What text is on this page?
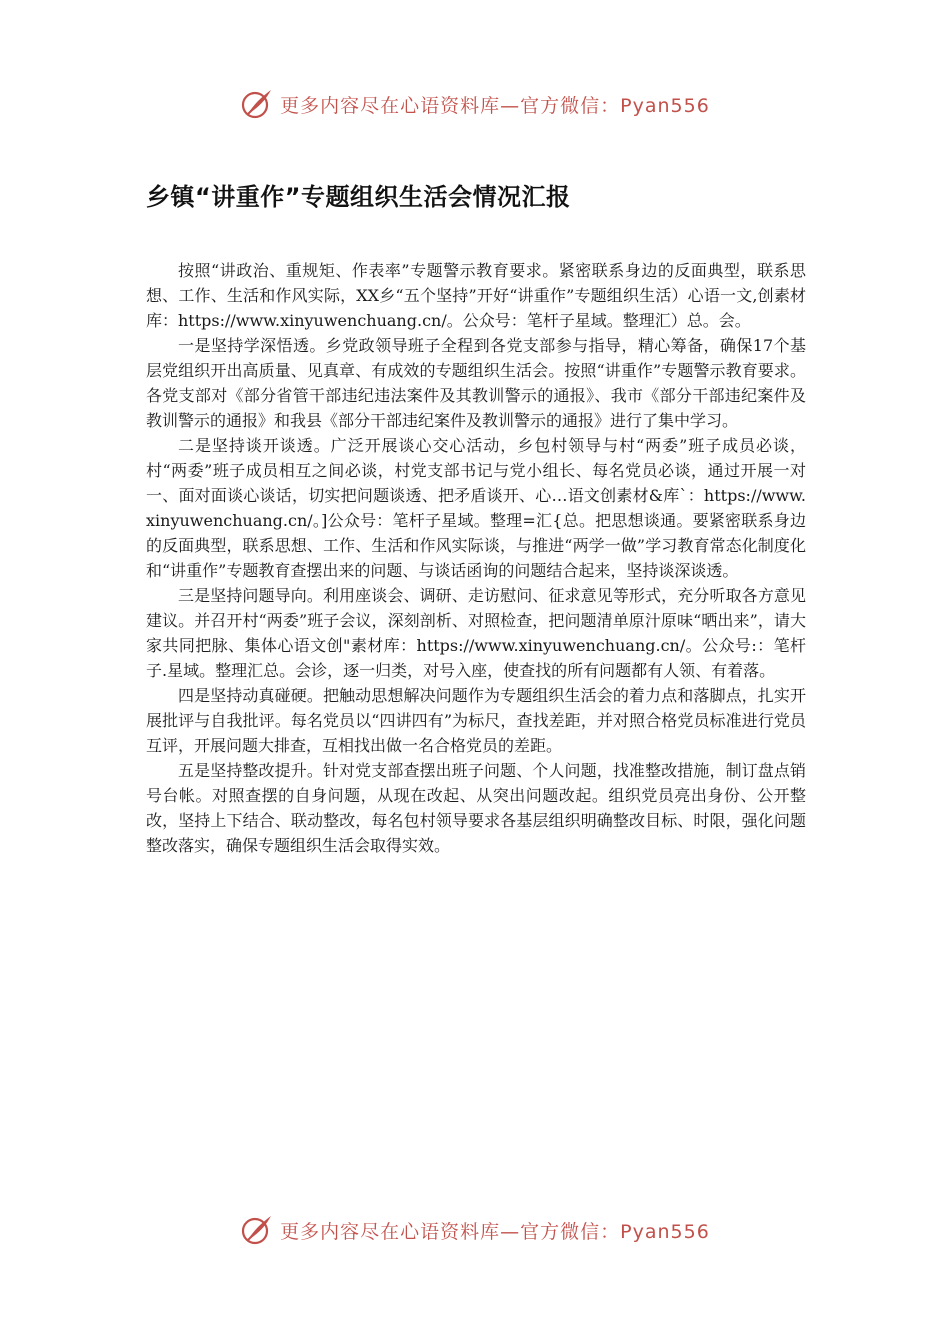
更多内容尽在心语资料库—官方微信：Pyan556
乡镇“讲重作”专题组织生活会情况汇报

按照“讲政治、重规矩、作表率”专题警示教育要求。紧密联系身边的反面典型，联系思想、工作、生活和作风实际，XX乡“五个坚持”开好“讲重作”专题组织生活）心语一文,创素材库：https://www.xinyuwenchuang.cn/。公众号：笔杆子星域。整理汇）总。会。

一是坚持学深悟透。乡党政领导班子全程到各党支部参与指导，精心筹备，确保17个基层党组织开出高质量、见真章、有成效的专题组织生活会。按照“讲重作”专题警示教育要求。各党支部对《部分省管干部违纪违法案件及其教训警示的通报》、我市《部分干部违纪案件及教训警示的通报》和我县《部分干部违纪案件及教训警示的通报》进行了集中学习。

二是坚持谈开谈透。广泛开展谈心交心活动，乡包村领导与村“两委”班子成员必谈，村“两委”班子成员相互之间必谈，村党支部书记与党小组长、每名党员必谈，通过开展一对一、面对面谈心谈话，切实把问题谈透、把矛盾谈开、心…语文创素材&库`：https://www.xinyuwenchuang.cn/。]公众号：笔杆子星域。整理=汇{总。把思想谈通。要紧密联系身边的反面典型，联系思想、工作、生活和作风实际谈，与推进“两学一做”学习教育常态化制度化和“讲重作”专题教育查摆出来的问题、与谈话函询的问题结合起来，坚持谈深谈透。

三是坚持问题导向。利用座谈会、调研、走访慰问、征求意见等形式，充分听取各方意见建议。并召开村“两委”班子会议，深刻剖析、对照检查，把问题清单原汁原味“晒出来”，请大家共同把脉、集体心语文创"素材库：https://www.xinyuwenchuang.cn/。公众号:：笔杆子.星域。整理汇总。会诊，逐一归类，对号入座，使查找的所有问题都有人领、有着落。

四是坚持动真碰硬。把触动思想解决问题作为专题组织生活会的着力点和落脚点，扎实开展批评与自我批评。每名党员以“四讲四有”为标尺，查找差距，并对照合格党员标准进行党员互评，开展问题大排查，互相找出做一名合格党员的差距。

五是坚持整改提升。针对党支部查摆出班子问题、个人问题，找准整改措施，制订盘点销号台帐。对照查摆的自身问题，从现在改起、从突出问题改起。组织党员亮出身份、公开整改，坚持上下结合、联动整改，每名包村领导要求各基层组织明确整改目标、时限，强化问题整改落实，确保专题组织生活会取得实效。

更多内容尽在心语资料库—官方微信：Pyan556
